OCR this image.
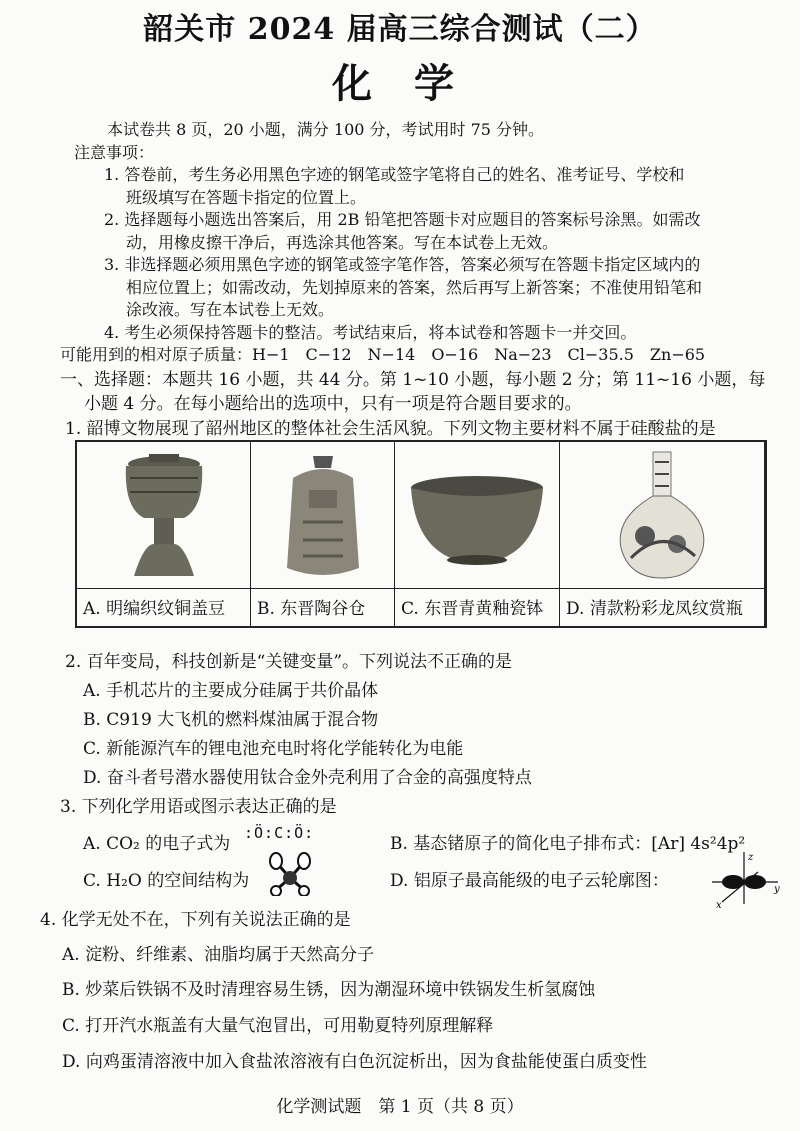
韶关市 2024 届高三综合测试（二）
化 学
本试卷共 8 页，20 小题，满分 100 分，考试用时 75 分钟。
注意事项：
1. 答卷前，考生务必用黑色字迹的钢笔或签字笔将自己的姓名、准考证号、学校和
班级填写在答题卡指定的位置上。
2. 选择题每小题选出答案后，用 2B 铅笔把答题卡对应题目的答案标号涂黑。如需改
动，用橡皮擦干净后，再选涂其他答案。写在本试卷上无效。
3. 非选择题必须用黑色字迹的钢笔或签字笔作答，答案必须写在答题卡指定区域内的
相应位置上；如需改动，先划掉原来的答案，然后再写上新答案；不准使用铅笔和
涂改液。写在本试卷上无效。
4. 考生必须保持答题卡的整洁。考试结束后，将本试卷和答题卡一并交回。
可能用到的相对原子质量：H−1　C−12　N−14　O−16　Na−23　Cl−35.5　Zn−65
一、选择题：本题共 16 小题，共 44 分。第 1~10 小题，每小题 2 分；第 11~16 小题，每
小题 4 分。在每小题给出的选项中，只有一项是符合题目要求的。
1. 韶博文物展现了韶州地区的整体社会生活风貌。下列文物主要材料不属于硅酸盐的是
A. 明编织纹铜盖豆 B. 东晋陶谷仓 C. 东晋青黄釉瓷钵 D. 清款粉彩龙凤纹赏瓶
2. 百年变局，科技创新是“关键变量”。下列说法不正确的是
A. 手机芯片的主要成分硅属于共价晶体
B. C919 大飞机的燃料煤油属于混合物
C. 新能源汽车的锂电池充电时将化学能转化为电能
D. 奋斗者号潜水器使用钛合金外壳利用了合金的高强度特点
3. 下列化学用语或图示表达正确的是
A. CO₂ 的电子式为
:Ö:C:Ö:
B. 基态锗原子的简化电子排布式：[Ar] 4s²4p²
C. H₂O 的空间结构为	D. 铝原子最高能级的电子云轮廓图：
z
y
x
4. 化学无处不在，下列有关说法正确的是
A. 淀粉、纤维素、油脂均属于天然高分子
B. 炒菜后铁锅不及时清理容易生锈，因为潮湿环境中铁锅发生析氢腐蚀
C. 打开汽水瓶盖有大量气泡冒出，可用勒夏特列原理解释
D. 向鸡蛋清溶液中加入食盐浓溶液有白色沉淀析出，因为食盐能使蛋白质变性
化学测试题　第 1 页（共 8 页）
